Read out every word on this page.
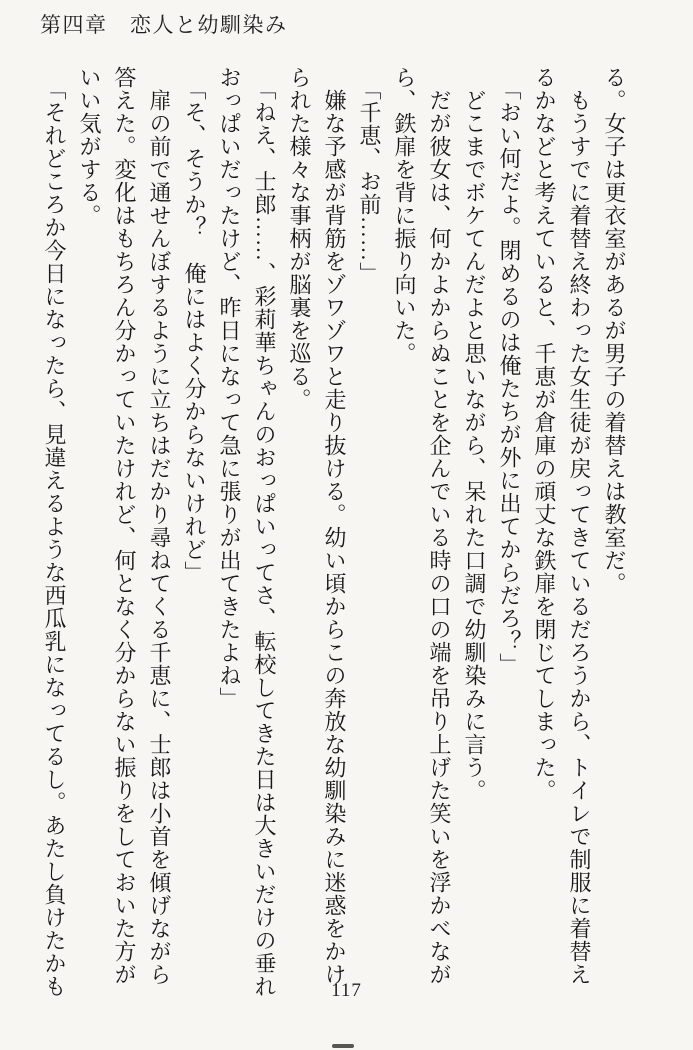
第四章　恋人と幼馴染み

る。女子は更衣室があるが男子の着替えは教室だ。

　もうすでに着替え終わった女生徒が戻ってきているだろうから、トイレで制服に着替え

るかなどと考えていると、千恵が倉庫の頑丈な鉄扉を閉じてしまった。

　「おい何だよ。閉めるのは俺たちが外に出てからだろ？」

　どこまでボケてんだよと思いながら、呆れた口調で幼馴染みに言う。

　だが彼女は、何かよからぬことを企んでいる時の口の端を吊り上げた笑いを浮かべなが

ら、鉄扉を背に振り向いた。

　「千恵、お前……」

　嫌な予感が背筋をゾワゾワと走り抜ける。幼い頃からこの奔放な幼馴染みに迷惑をかけ

られた様々な事柄が脳裏を巡る。

　「ねえ、士郎……、彩莉華ちゃんのおっぱいってさ、転校してきた日は大きいだけの垂れ

おっぱいだったけど、昨日になって急に張りが出てきたよね」

　「そ、そうか？　俺にはよく分からないけれど」

　扉の前で通せんぼするように立ちはだかり尋ねてくる千恵に、士郎は小首を傾げながら

答えた。変化はもちろん分かっていたけれど、何となく分からない振りをしておいた方が

いい気がする。

　「それどころか今日になったら、見違えるような西瓜乳になってるし。あたし負けたかも	117
